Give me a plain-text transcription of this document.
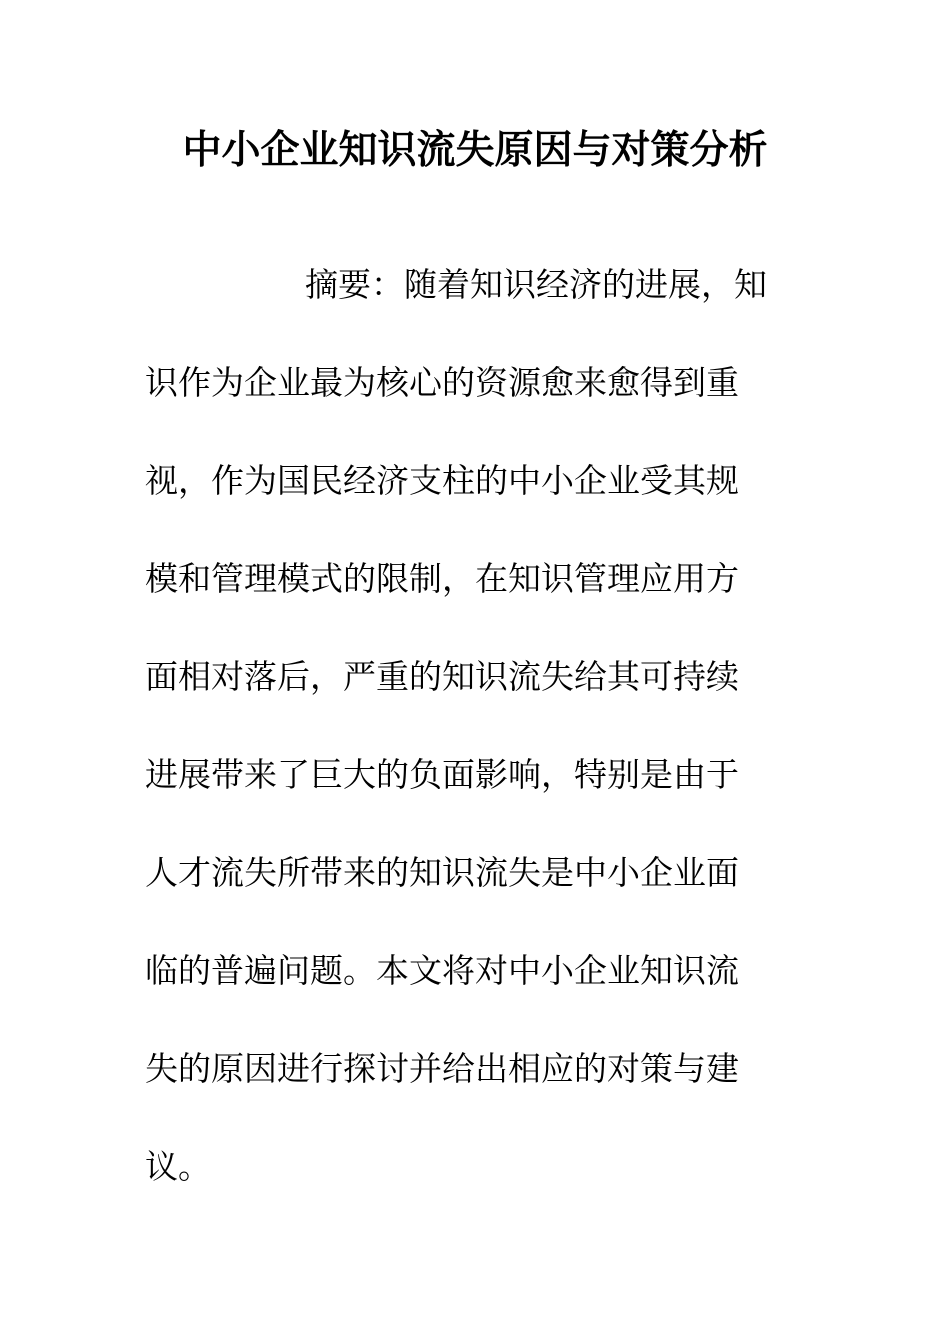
中小企业知识流失原因与对策分析
摘要：随着知识经济的进展，知
识作为企业最为核心的资源愈来愈得到重
视，作为国民经济支柱的中小企业受其规
模和管理模式的限制，在知识管理应用方
面相对落后，严重的知识流失给其可持续
进展带来了巨大的负面影响，特别是由于
人才流失所带来的知识流失是中小企业面
临的普遍问题。本文将对中小企业知识流
失的原因进行探讨并给出相应的对策与建
议。
